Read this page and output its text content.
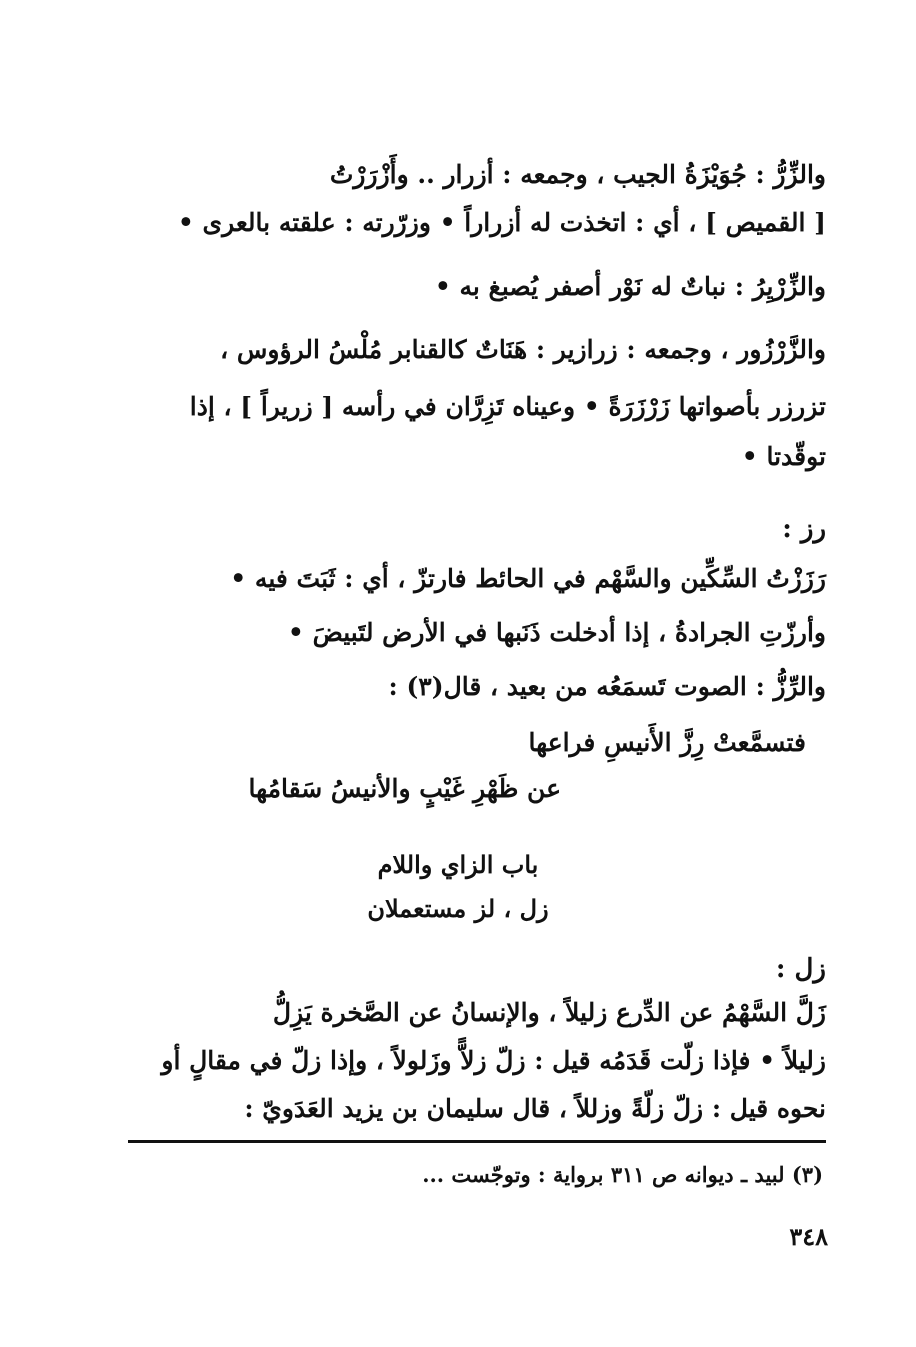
والزِّرُّ : جُوَيْزَةُ الجيب ، وجمعه : أزرار .. وأَزْرَرْتُ
[ القميص ] ، أي : اتخذت له أزراراً • وزرّرته : علقته بالعرى •
والزِّرْيِرُ : نباتٌ له نَوْر أصفر يُصبغ به •
والزَّرْزُور ، وجمعه : زرازير : هَنَاتٌ كالقنابر مُلْسُ الرؤوس ،
تزرزر بأصواتها زَرْزَرَةً • وعيناه تَزِرَّان في رأسه [ زريراً ] ، إذا
توقّدتا •
رز :
رَزَزْتُ السِّكِّين والسَّهْم في الحائط فارتزّ ، أي : ثَبَتَ فيه •
وأرزّتِ الجرادةُ ، إذا أدخلت ذَنَبها في الأرض لتَبيضَ •
والرِّزُّ : الصوت تَسمَعُه من بعيد ، قال(٣) :
فتسمَّعتْ رِزَّ الأَنيسِ فراعها
عن ظَهْرِ غَيْبٍ والأنيسُ سَقامُها
باب الزاي واللام
زل ، لز مستعملان
زل :
زَلَّ السَّهْمُ عن الدِّرع زليلاً ، والإنسانُ عن الصَّخرة يَزِلُّ
زليلاً • فإذا زلّت قَدَمُه قيل : زلّ زلاًّ وزَلولاً ، وإذا زلّ في مقالٍ أو
نحوه قيل : زلّ زلّةً وزللاً ، قال سليمان بن يزيد العَدَويّ :
(٣) لبيد ـ ديوانه ص ٣١١ برواية : وتوجّست ...
٣٤٨
